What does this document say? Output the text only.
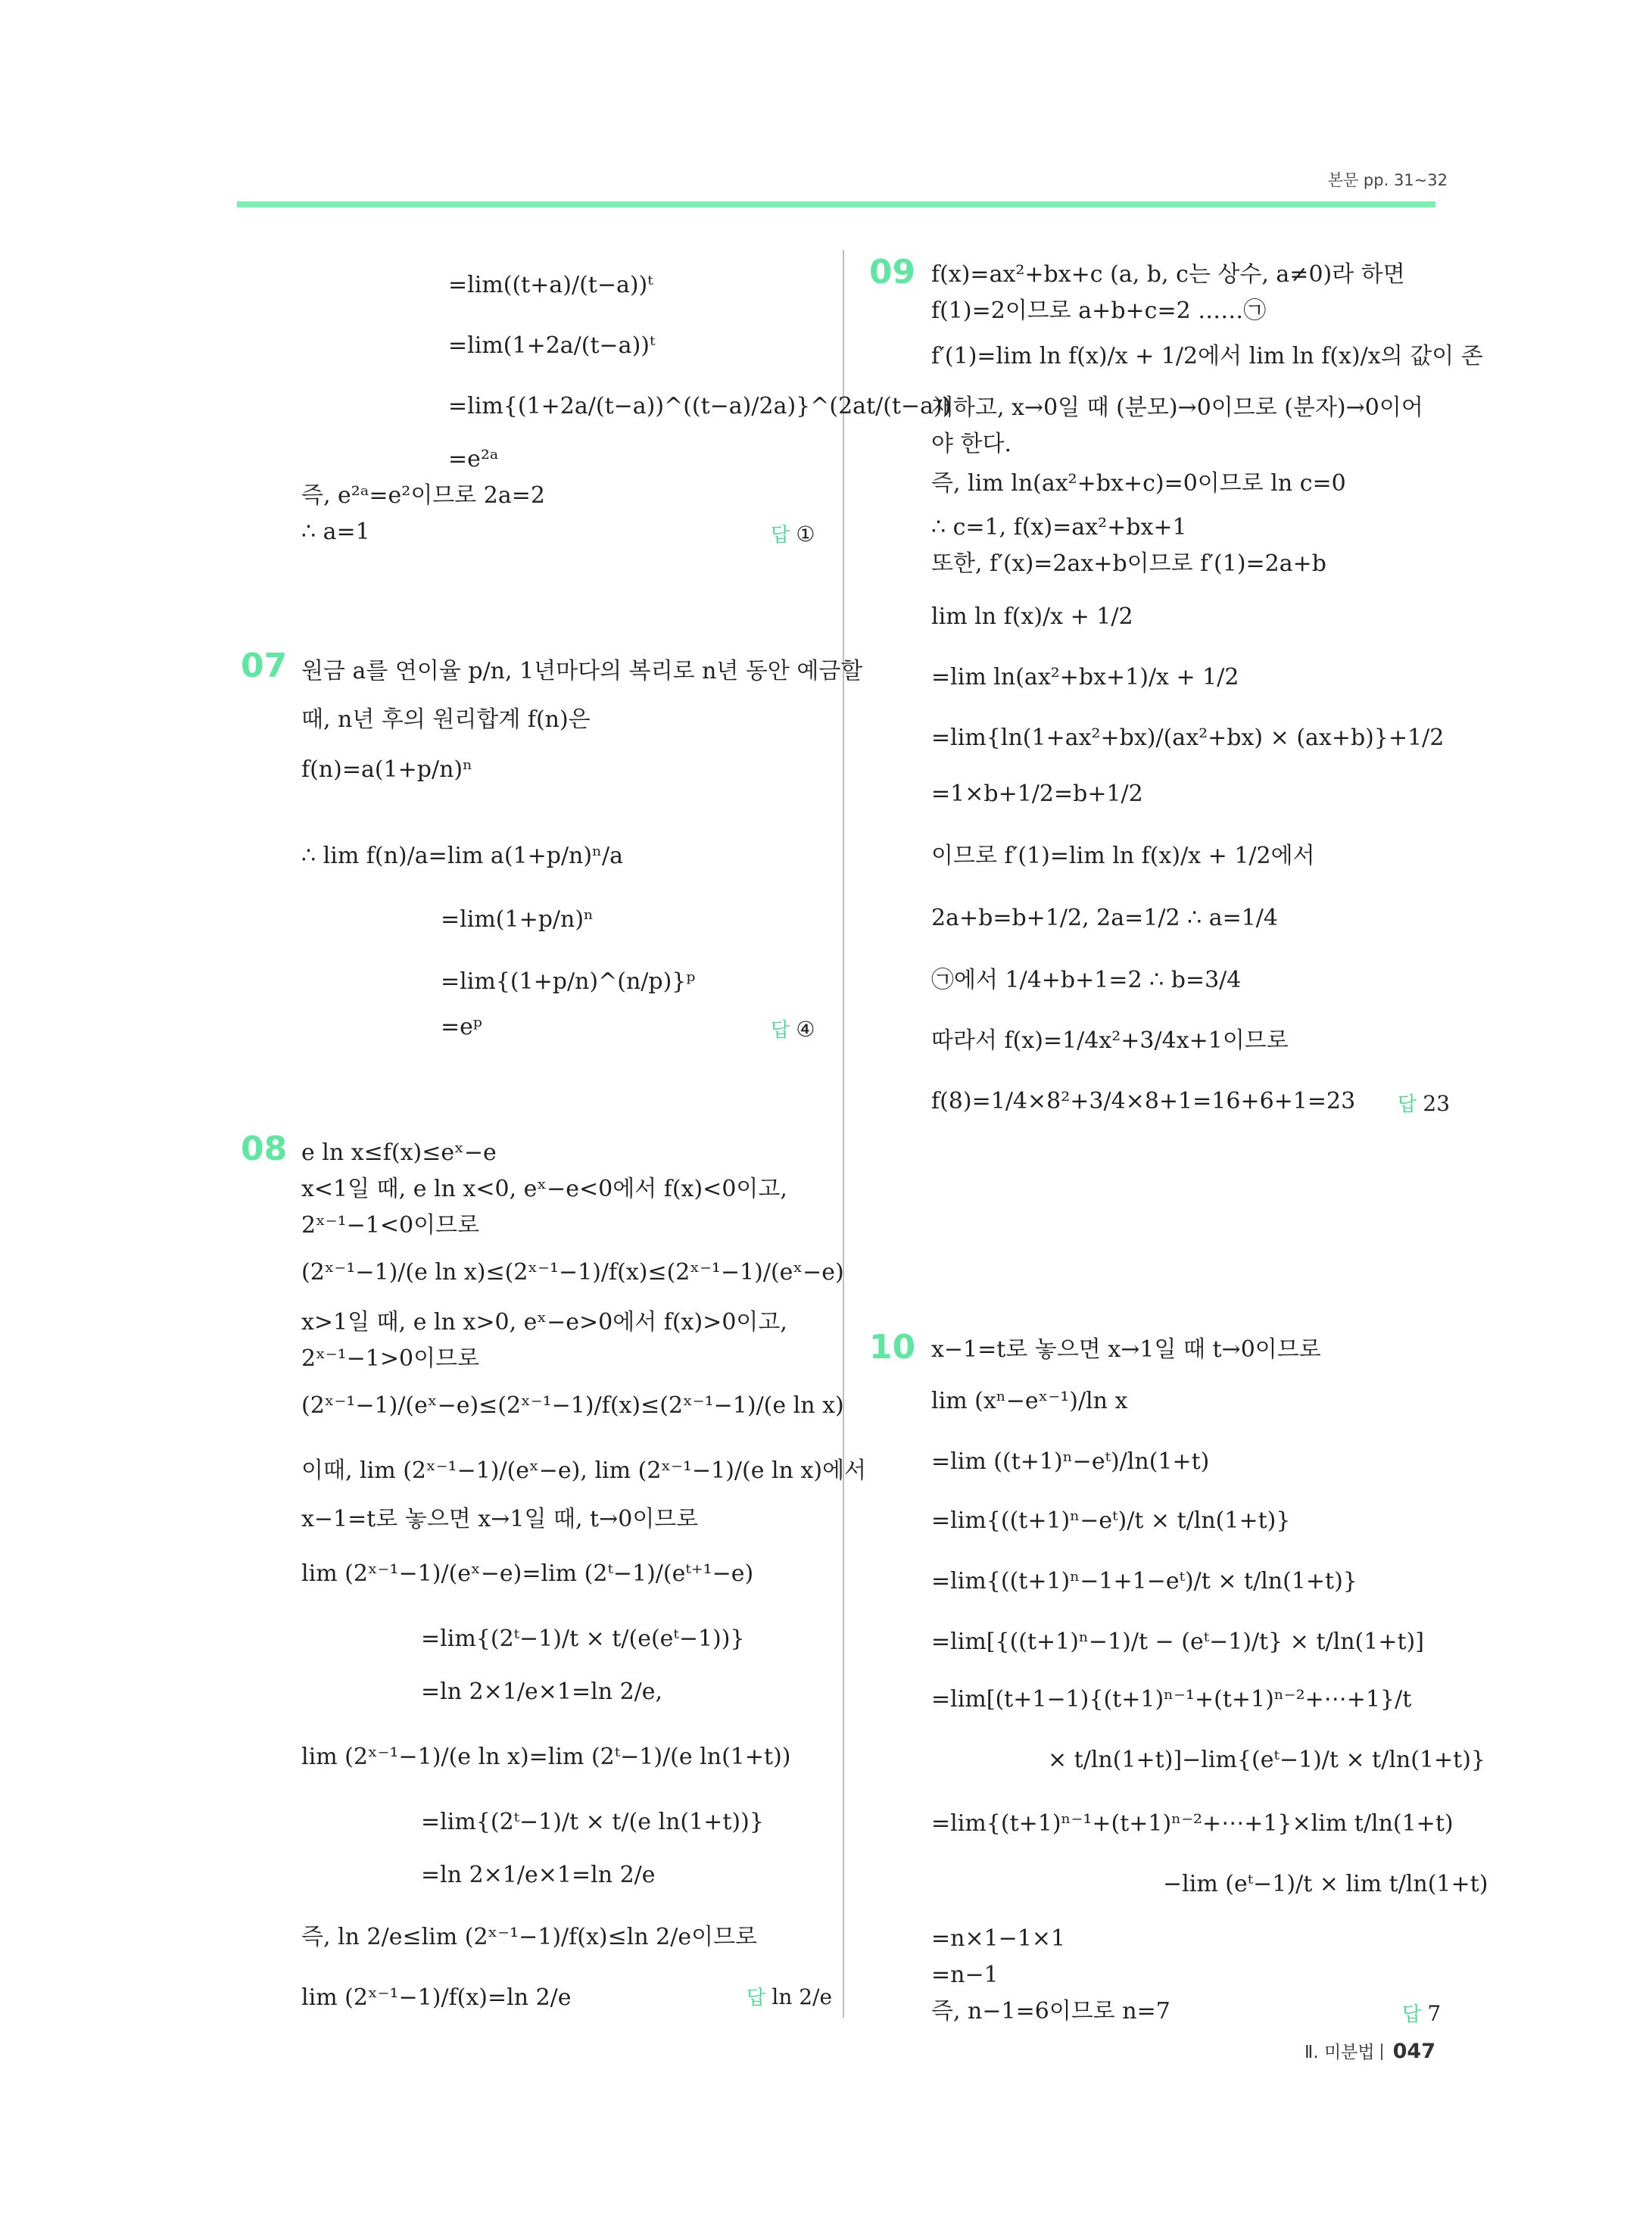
본문 pp. 31~32
=lim((t+a)/(t−a))ᵗ
=lim(1+2a/(t−a))ᵗ
=lim{(1+2a/(t−a))^((t−a)/2a)}^(2at/(t−a))
=e²ᵃ
즉, e²ᵃ=e²이므로 2a=2
∴ a=1	답 ①
07 원금 a를 연이율 p/n, 1년마다의 복리로 n년 동안 예금할
때, n년 후의 원리합계 f(n)은
f(n)=a(1+p/n)ⁿ
∴ lim f(n)/a=lim a(1+p/n)ⁿ/a
=lim(1+p/n)ⁿ
=lim{(1+p/n)^(n/p)}ᵖ
=eᵖ	답 ④
08 e ln x≤f(x)≤eˣ−e
x<1일 때, e ln x<0, eˣ−e<0에서 f(x)<0이고,
2ˣ⁻¹−1<0이므로
(2ˣ⁻¹−1)/(e ln x)≤(2ˣ⁻¹−1)/f(x)≤(2ˣ⁻¹−1)/(eˣ−e)
x>1일 때, e ln x>0, eˣ−e>0에서 f(x)>0이고,
2ˣ⁻¹−1>0이므로
(2ˣ⁻¹−1)/(eˣ−e)≤(2ˣ⁻¹−1)/f(x)≤(2ˣ⁻¹−1)/(e ln x)
이때, lim (2ˣ⁻¹−1)/(eˣ−e), lim (2ˣ⁻¹−1)/(e ln x)에서
x−1=t로 놓으면 x→1일 때, t→0이므로
lim (2ˣ⁻¹−1)/(eˣ−e)=lim (2ᵗ−1)/(eᵗ⁺¹−e)
=lim{(2ᵗ−1)/t × t/(e(eᵗ−1))}
=ln 2×1/e×1=ln 2/e,
lim (2ˣ⁻¹−1)/(e ln x)=lim (2ᵗ−1)/(e ln(1+t))
=lim{(2ᵗ−1)/t × t/(e ln(1+t))}
=ln 2×1/e×1=ln 2/e
즉, ln 2/e≤lim (2ˣ⁻¹−1)/f(x)≤ln 2/e이므로
lim (2ˣ⁻¹−1)/f(x)=ln 2/e	답 ln 2/e
09 f(x)=ax²+bx+c (a, b, c는 상수, a≠0)라 하면
f(1)=2이므로 a+b+c=2 ……㉠
f′(1)=lim ln f(x)/x + 1/2에서 lim ln f(x)/x의 값이 존
재하고, x→0일 때 (분모)→0이므로 (분자)→0이어
야 한다.
즉, lim ln(ax²+bx+c)=0이므로 ln c=0
∴ c=1, f(x)=ax²+bx+1
또한, f′(x)=2ax+b이므로 f′(1)=2a+b
lim ln f(x)/x + 1/2
=lim ln(ax²+bx+1)/x + 1/2
=lim{ln(1+ax²+bx)/(ax²+bx) × (ax+b)}+1/2
=1×b+1/2=b+1/2
이므로 f′(1)=lim ln f(x)/x + 1/2에서
2a+b=b+1/2, 2a=1/2 ∴ a=1/4
㉠에서 1/4+b+1=2 ∴ b=3/4
따라서 f(x)=1/4x²+3/4x+1이므로
f(8)=1/4×8²+3/4×8+1=16+6+1=23 답 23
10 x−1=t로 놓으면 x→1일 때 t→0이므로
lim (xⁿ−eˣ⁻¹)/ln x
=lim ((t+1)ⁿ−eᵗ)/ln(1+t)
=lim{((t+1)ⁿ−eᵗ)/t × t/ln(1+t)}
=lim{((t+1)ⁿ−1+1−eᵗ)/t × t/ln(1+t)}
=lim[{((t+1)ⁿ−1)/t − (eᵗ−1)/t} × t/ln(1+t)]
=lim[(t+1−1){(t+1)ⁿ⁻¹+(t+1)ⁿ⁻²+⋯+1}/t
× t/ln(1+t)]−lim{(eᵗ−1)/t × t/ln(1+t)}
=lim{(t+1)ⁿ⁻¹+(t+1)ⁿ⁻²+⋯+1}×lim t/ln(1+t)
−lim (eᵗ−1)/t × lim t/ln(1+t)
=n×1−1×1
=n−1
즉, n−1=6이므로 n=7	답 7
Ⅱ. 미분법 047
